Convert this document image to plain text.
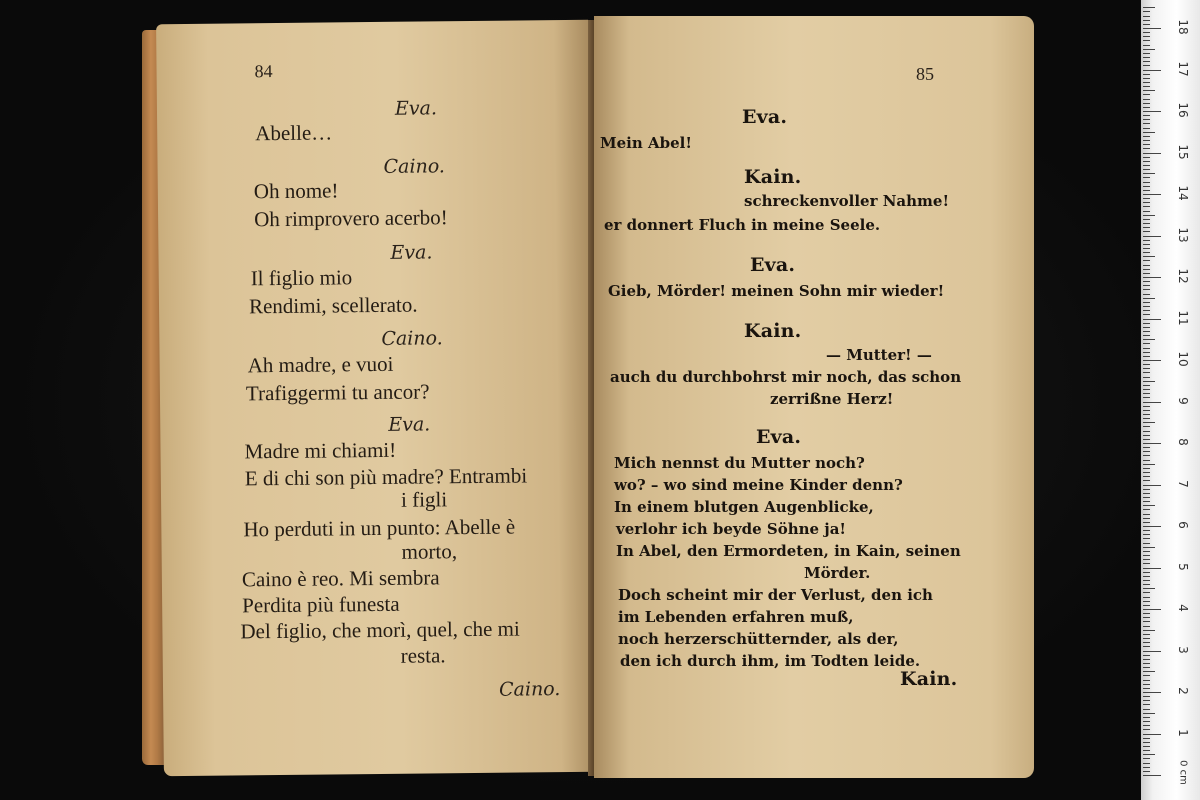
84
Eva.
Abelle…
Caino.
Oh nome!
Oh rimprovero acerbo!
Eva.
Il figlio mio
Rendimi, scellerato.
Caino.
Ah madre, e vuoi
Trafiggermi tu ancor?
Eva.
Madre mi chiami!
E di chi son più madre? Entrambi
i figli
Ho perduti in un punto: Abelle è
morto,
Caino è reo. Mi sembra
Perdita più funesta
Del figlio, che morì, quel, che mi
resta.
Caino.
85
Eva.
Mein Abel!
Kain.
schreckenvoller Nahme!
er donnert Fluch in meine Seele.
Eva.
Gieb, Mörder! meinen Sohn mir wieder!
Kain.
— Mutter! —
auch du durchbohrst mir noch, das schon
zerrißne Herz!
Eva.
Mich nennst du Mutter noch?
wo? – wo sind meine Kinder denn?
In einem blutgen Augenblicke,
verlohr ich beyde Söhne ja!
In Abel, den Ermordeten, in Kain, seinen
Mörder.
Doch scheint mir der Verlust, den ich
im Lebenden erfahren muß,
noch herzerschütternder, als der,
den ich durch ihm, im Todten leide.
Kain.
0 cm
1
2
3
4
5
6
7
8
9
10
11
12
13
14
15
16
17
18
